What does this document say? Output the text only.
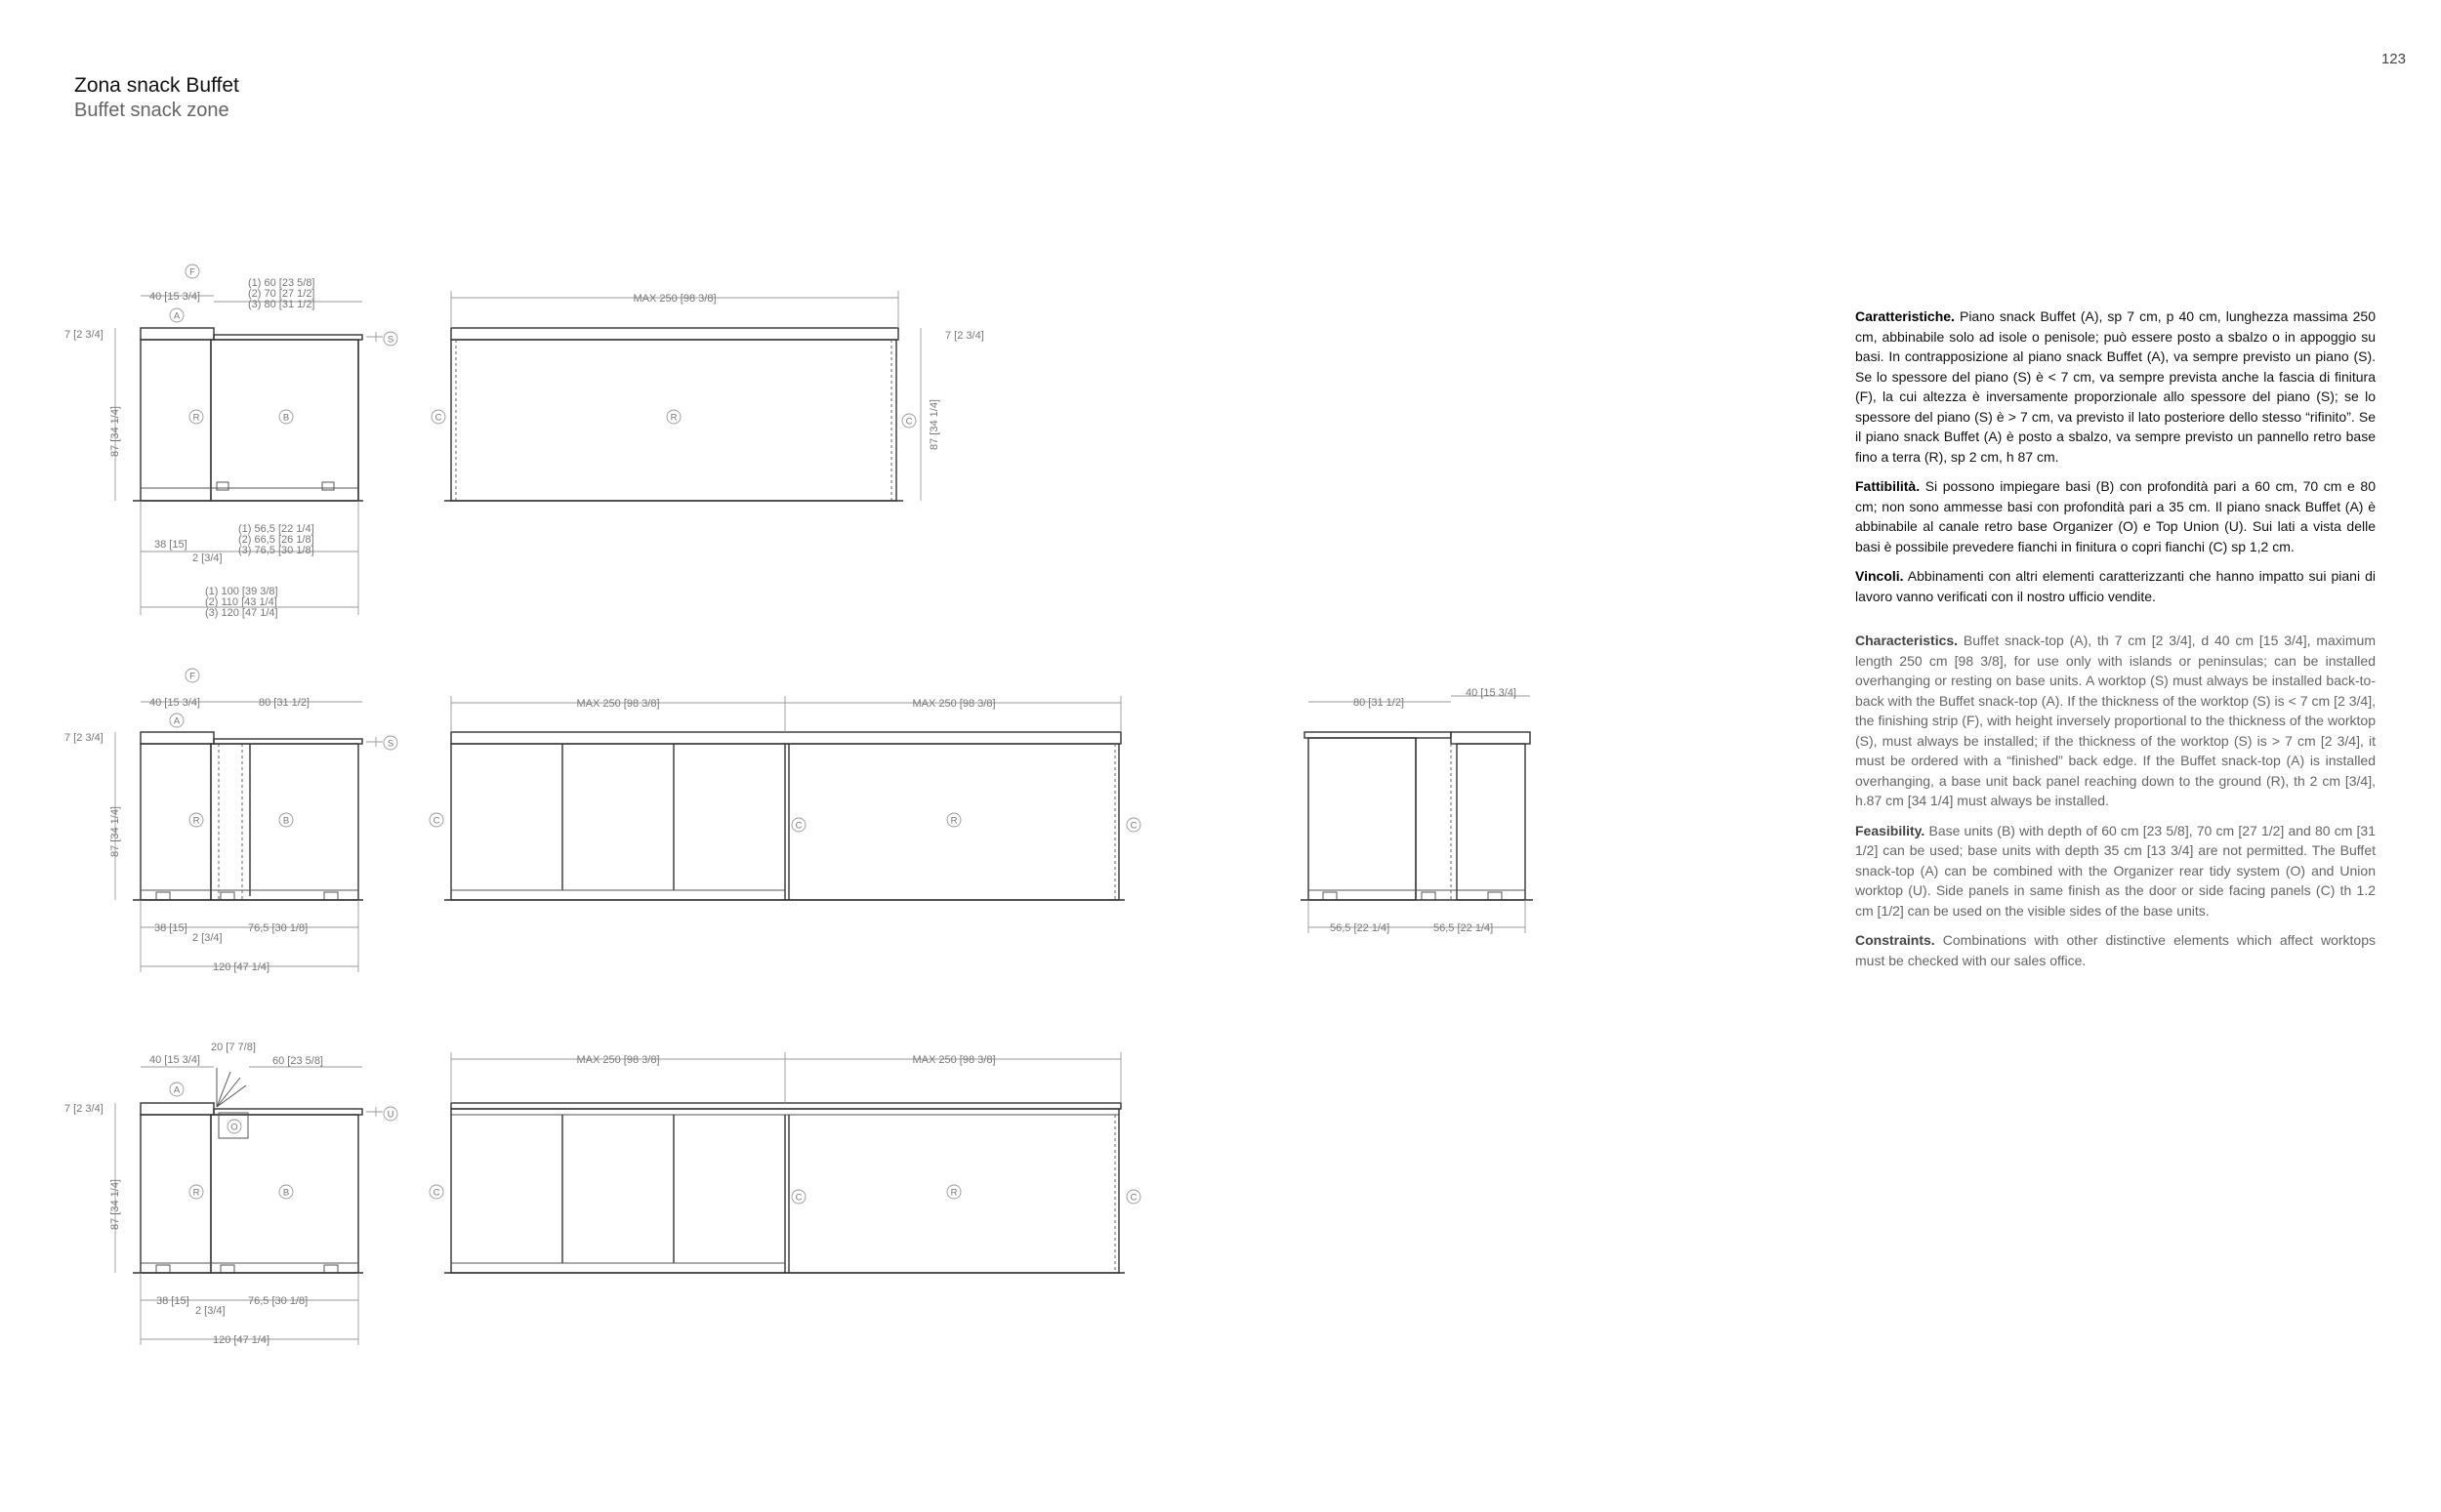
123
Zona snack Buffet
Buffet snack zone
40 [15 3/4]
(1) 60 [23 5/8]
(2) 70 [27 1/2]
(3) 80 [31 1/2]
7 [2 3/4]
87 [34 1/4]
38 [15]
2 [3/4]
(1) 56,5 [22 1/4]
(2) 66,5 [26 1/8]
(3) 76,5 [30 1/8]
(1) 100 [39 3/8]
(2) 110 [43 1/4]
(3) 120 [47 1/4]
F
A
S
R	B
MAX 250 [98 3/8]
7 [2 3/4]
87 [34 1/4]
C	R	C
40 [15 3/4]	80 [31 1/2]
7 [2 3/4]
87 [34 1/4]
38 [15]
2 [3/4]
76,5 [30 1/8]
120 [47 1/4]
F
A
S
R	B
MAX 250 [98 3/8]	MAX 250 [98 3/8]
C	C	R	C
80 [31 1/2]
40 [15 3/4]
56,5 [22 1/4]	56,5 [22 1/4]
40 [15 3/4]
20 [7 7/8]
60 [23 5/8]
7 [2 3/4]
87 [34 1/4]
38 [15]
2 [3/4]
76,5 [30 1/8]
120 [47 1/4]
A
O
U
R	B
MAX 250 [98 3/8]	MAX 250 [98 3/8]
C	C	R	C

Caratteristiche. Piano snack Buffet (A), sp 7 cm, p 40 cm, lunghezza massima 250 cm, abbinabile solo ad isole o penisole; può essere posto a sbalzo o in appoggio su basi. In contrapposizione al piano snack Buffet (A), va sempre previsto un piano (S). Se lo spessore del piano (S) è < 7 cm, va sempre prevista anche la fascia di finitura (F), la cui altezza è inversamente proporzionale allo spessore del piano (S); se lo spessore del piano (S) è > 7 cm, va previsto il lato posteriore dello stesso “rifinito”. Se il piano snack Buffet (A) è posto a sbalzo, va sempre previsto un pannello retro base fino a terra (R), sp 2 cm, h 87 cm.

Fattibilità. Si possono impiegare basi (B) con profondità pari a 60 cm, 70 cm e 80 cm; non sono ammesse basi con profondità pari a 35 cm. Il piano snack Buffet (A) è abbinabile al canale retro base Organizer (O) e Top Union (U). Sui lati a vista delle basi è possibile prevedere fianchi in finitura o copri fianchi (C) sp 1,2 cm.

Vincoli. Abbinamenti con altri elementi caratterizzanti che hanno impatto sui piani di lavoro vanno verificati con il nostro ufficio vendite.

Characteristics. Buffet snack-top (A), th 7 cm [2 3/4], d 40 cm [15 3/4], maximum length 250 cm [98 3/8], for use only with islands or peninsulas; can be installed overhanging or resting on base units. A worktop (S) must always be installed back-to-back with the Buffet snack-top (A). If the thickness of the worktop (S) is < 7 cm [2 3/4], the finishing strip (F), with height inversely proportional to the thickness of the worktop (S), must always be installed; if the thickness of the worktop (S) is > 7 cm [2 3/4], it must be ordered with a “finished” back edge. If the Buffet snack-top (A) is installed overhanging, a base unit back panel reaching down to the ground (R), th 2 cm [3/4], h.87 cm [34 1/4] must always be installed.

Feasibility. Base units (B) with depth of 60 cm [23 5/8], 70 cm [27 1/2] and 80 cm [31 1/2] can be used; base units with depth 35 cm [13 3/4] are not permitted. The Buffet snack-top (A) can be combined with the Organizer rear tidy system (O) and Union worktop (U). Side panels in same finish as the door or side facing panels (C) th 1.2 cm [1/2] can be used on the visible sides of the base units.

Constraints. Combinations with other distinctive elements which affect worktops must be checked with our sales office.
